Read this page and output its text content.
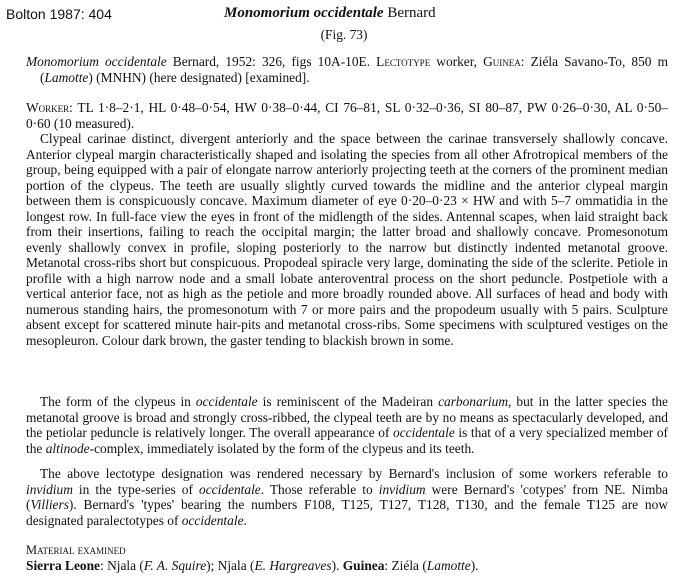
Bolton 1987: 404	Monomorium occidentale Bernard
(Fig. 73)

Monomorium occidentale Bernard, 1952: 326, figs 10A-10E. Lectotype worker, Guinea: Ziéla Savano-To, 850 m (Lamotte) (MNHN) (here designated) [examined].

Worker: TL 1·8–2·1, HL 0·48–0·54, HW 0·38–0·44, CI 76–81, SL 0·32–0·36, SI 80–87, PW 0·26–0·30, AL 0·50–0·60 (10 measured).

Clypeal carinae distinct, divergent anteriorly and the space between the carinae transversely shallowly concave. Anterior clypeal margin characteristically shaped and isolating the species from all other Afrotropical members of the group, being equipped with a pair of elongate narrow anteriorly projecting teeth at the corners of the prominent median portion of the clypeus. The teeth are usually slightly curved towards the midline and the anterior clypeal margin between them is conspicuously concave. Maximum diameter of eye 0·20–0·23 × HW and with 5–7 ommatidia in the longest row. In full-face view the eyes in front of the midlength of the sides. Antennal scapes, when laid straight back from their insertions, failing to reach the occipital margin; the latter broad and shallowly concave. Promesonotum evenly shallowly convex in profile, sloping posteriorly to the narrow but distinctly indented metanotal groove. Metanotal cross-ribs short but conspicuous. Propodeal spiracle very large, dominating the side of the sclerite. Petiole in profile with a high narrow node and a small lobate anteroventral process on the short peduncle. Postpetiole with a vertical anterior face, not as high as the petiole and more broadly rounded above. All surfaces of head and body with numerous standing hairs, the promesonotum with 7 or more pairs and the propodeum usually with 5 pairs. Sculpture absent except for scattered minute hair-pits and metanotal cross-ribs. Some specimens with sculptured vestiges on the mesopleuron. Colour dark brown, the gaster tending to blackish brown in some.

The form of the clypeus in occidentale is reminiscent of the Madeiran carbonarium, but in the latter species the metanotal groove is broad and strongly cross-ribbed, the clypeal teeth are by no means as spectacularly developed, and the petiolar peduncle is relatively longer. The overall appearance of occidentale is that of a very specialized member of the altinode-complex, immediately isolated by the form of the clypeus and its teeth.

The above lectotype designation was rendered necessary by Bernard's inclusion of some workers referable to invidium in the type-series of occidentale. Those referable to invidium were Bernard's 'cotypes' from NE. Nimba (Villiers). Bernard's 'types' bearing the numbers F108, T125, T127, T128, T130, and the female T125 are now designated paralectotypes of occidentale.

Material examined
Sierra Leone: Njala (F. A. Squire); Njala (E. Hargreaves). Guinea: Ziéla (Lamotte).
